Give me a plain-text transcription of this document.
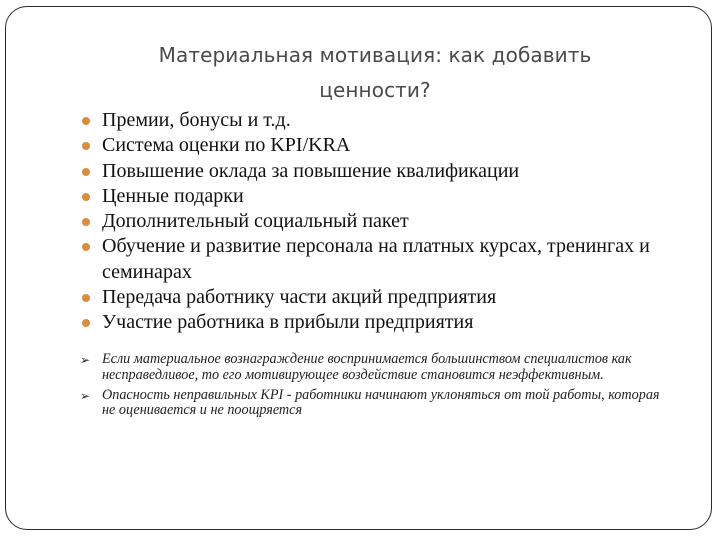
Материальная мотивация: как добавить ценности?
Премии, бонусы и т.д.
Система оценки по KPI/KRA
Повышение оклада за повышение квалификации
Ценные подарки
Дополнительный социальный пакет
Обучение и развитие персонала на платных курсах, тренингах и семинарах
Передача работнику части акций предприятия
Участие работника в прибыли предприятия
➢ Если материальное вознаграждение воспринимается большинством специалистов как несправедливое, то его мотивирующее воздействие становится неэффективным.
➢ Опасность неправильных KPI - работники начинают уклоняться от той работы, которая не оценивается и не поощряется
